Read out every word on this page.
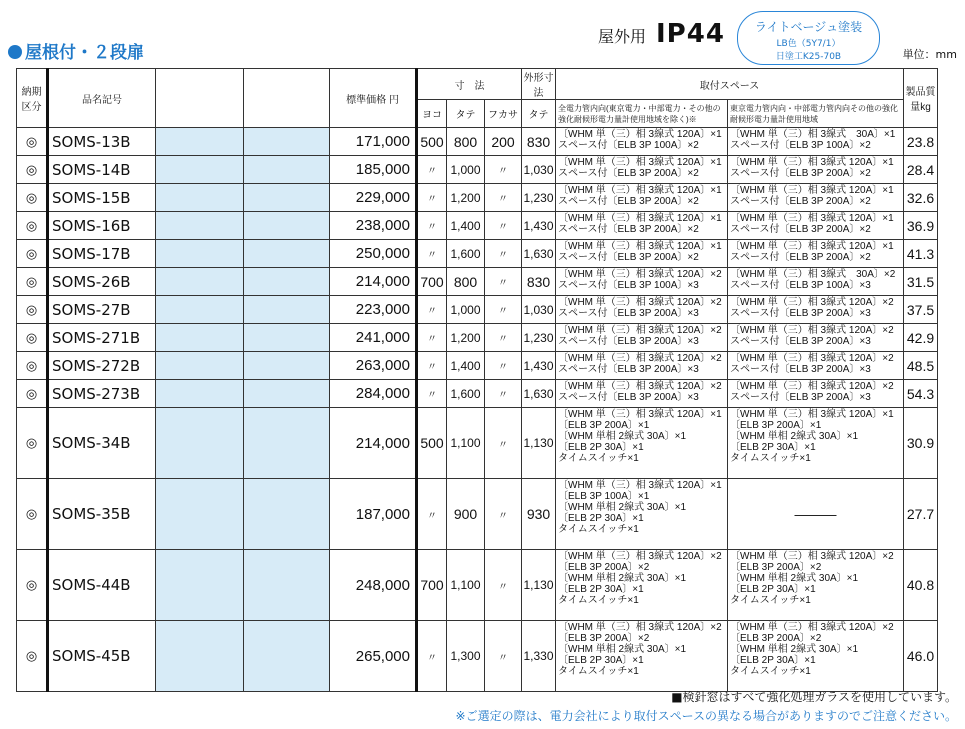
屋根付・２段扉
屋外用 IP44	ライトベージュ塗装
LB色（5Y7/1）
日塗工K25-70B	単位：mm
納期区分	品名記号			標準価格 円	寸　法			外形寸法	取付スペース		製品質量kg
					ヨコ	タテ	フカサ	タテ	全電力管内向(東京電力・中部電力・その他の強化耐候形電力量計使用地域を除く)※	東京電力管内向・中部電力管内向その他の強化耐候形電力量計使用地域	
◎	SOMS-13B			171,000	500	800	200	830	〔WHM 単（三）相 3線式 120A〕×1
スペース付〔ELB 3P 100A〕×2	〔WHM 単（三）相 3線式　30A〕×1
スペース付〔ELB 3P 100A〕×2	23.8
◎	SOMS-14B			185,000	〃	1,000	〃	1,030	〔WHM 単（三）相 3線式 120A〕×1
スペース付〔ELB 3P 200A〕×2	〔WHM 単（三）相 3線式 120A〕×1
スペース付〔ELB 3P 200A〕×2	28.4
◎	SOMS-15B			229,000	〃	1,200	〃	1,230	〔WHM 単（三）相 3線式 120A〕×1
スペース付〔ELB 3P 200A〕×2	〔WHM 単（三）相 3線式 120A〕×1
スペース付〔ELB 3P 200A〕×2	32.6
◎	SOMS-16B			238,000	〃	1,400	〃	1,430	〔WHM 単（三）相 3線式 120A〕×1
スペース付〔ELB 3P 200A〕×2	〔WHM 単（三）相 3線式 120A〕×1
スペース付〔ELB 3P 200A〕×2	36.9
◎	SOMS-17B			250,000	〃	1,600	〃	1,630	〔WHM 単（三）相 3線式 120A〕×1
スペース付〔ELB 3P 200A〕×2	〔WHM 単（三）相 3線式 120A〕×1
スペース付〔ELB 3P 200A〕×2	41.3
◎	SOMS-26B			214,000	700	800	〃	830	〔WHM 単（三）相 3線式 120A〕×2
スペース付〔ELB 3P 100A〕×3	〔WHM 単（三）相 3線式　30A〕×2
スペース付〔ELB 3P 100A〕×3	31.5
◎	SOMS-27B			223,000	〃	1,000	〃	1,030	〔WHM 単（三）相 3線式 120A〕×2
スペース付〔ELB 3P 200A〕×3	〔WHM 単（三）相 3線式 120A〕×2
スペース付〔ELB 3P 200A〕×3	37.5
◎	SOMS-271B			241,000	〃	1,200	〃	1,230	〔WHM 単（三）相 3線式 120A〕×2
スペース付〔ELB 3P 200A〕×3	〔WHM 単（三）相 3線式 120A〕×2
スペース付〔ELB 3P 200A〕×3	42.9
◎	SOMS-272B			263,000	〃	1,400	〃	1,430	〔WHM 単（三）相 3線式 120A〕×2
スペース付〔ELB 3P 200A〕×3	〔WHM 単（三）相 3線式 120A〕×2
スペース付〔ELB 3P 200A〕×3	48.5
◎	SOMS-273B			284,000	〃	1,600	〃	1,630	〔WHM 単（三）相 3線式 120A〕×2
スペース付〔ELB 3P 200A〕×3	〔WHM 単（三）相 3線式 120A〕×2
スペース付〔ELB 3P 200A〕×3	54.3
◎	SOMS-34B			214,000	500	1,100	〃	1,130	〔WHM 単（三）相 3線式 120A〕×1
〔ELB 3P 200A〕×1
〔WHM 単相 2線式 30A〕×1
〔ELB 2P 30A〕×1
タイムスイッチ×1	〔WHM 単（三）相 3線式 120A〕×1
〔ELB 3P 200A〕×1
〔WHM 単相 2線式 30A〕×1
〔ELB 2P 30A〕×1
タイムスイッチ×1	30.9
◎	SOMS-35B			187,000	〃	900	〃	930	〔WHM 単（三）相 3線式 120A〕×1
〔ELB 3P 100A〕×1
〔WHM 単相 2線式 30A〕×1
〔ELB 2P 30A〕×1
タイムスイッチ×1	―――	27.7
◎	SOMS-44B			248,000	700	1,100	〃	1,130	〔WHM 単（三）相 3線式 120A〕×2
〔ELB 3P 200A〕×2
〔WHM 単相 2線式 30A〕×1
〔ELB 2P 30A〕×1
タイムスイッチ×1	〔WHM 単（三）相 3線式 120A〕×2
〔ELB 3P 200A〕×2
〔WHM 単相 2線式 30A〕×1
〔ELB 2P 30A〕×1
タイムスイッチ×1	40.8
◎	SOMS-45B			265,000	〃	1,300	〃	1,330	〔WHM 単（三）相 3線式 120A〕×2
〔ELB 3P 200A〕×2
〔WHM 単相 2線式 30A〕×1
〔ELB 2P 30A〕×1
タイムスイッチ×1	〔WHM 単（三）相 3線式 120A〕×2
〔ELB 3P 200A〕×2
〔WHM 単相 2線式 30A〕×1
〔ELB 2P 30A〕×1
タイムスイッチ×1	46.0
■検針窓はすべて強化処理ガラスを使用しています。
※ご選定の際は、電力会社により取付スペースの異なる場合がありますのでご注意ください。
